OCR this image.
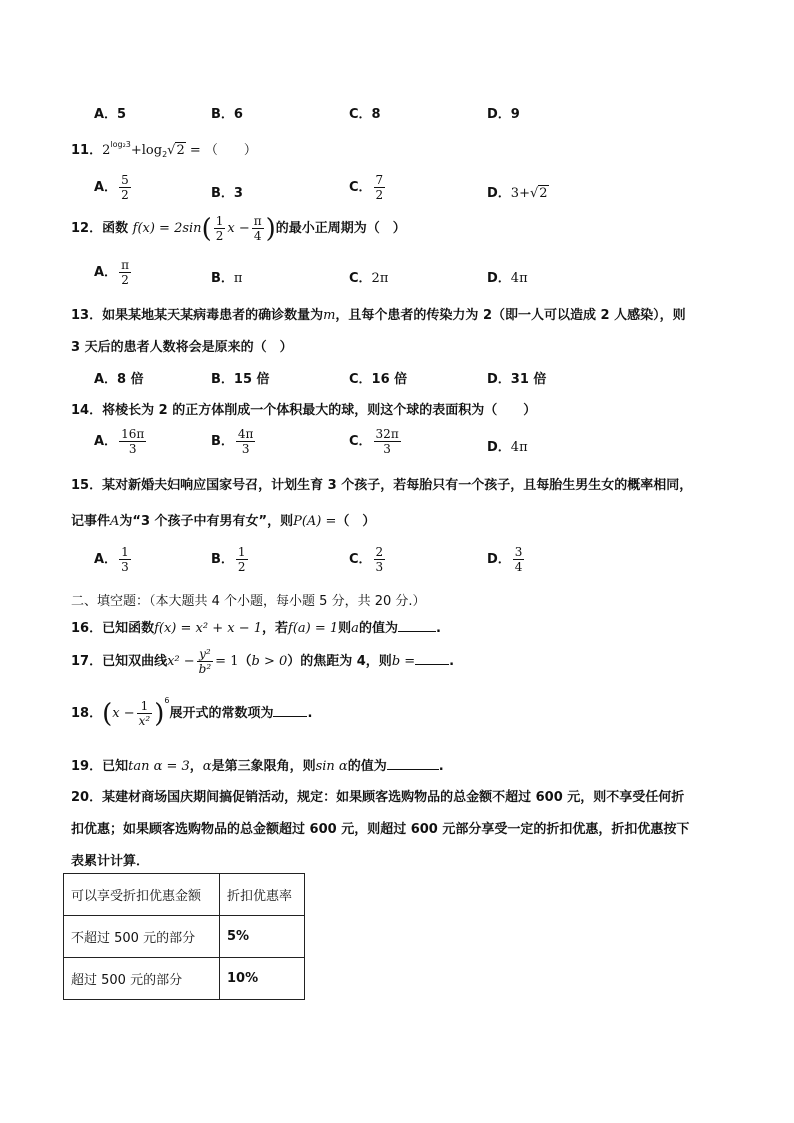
A．5	B．6	C．8	D．9
11．$2^{log_23}+\log_2√2$ = （　　）
A． $\frac{5}{2}$	B．3	C． $\frac{7}{2}$	D．3+√2
12．函数 $f(x) = 2\sin( \frac{1}{2}$ $x - \frac{\pi}{4}$ )的最小正周期为（　）
A． $\frac{\pi}{2}$	B．π	C．2π	D．4π
13．如果某地某天某病毒患者的确诊数量为m，且每个患者的传染力为 2（即一人可以造成 2 人感染），则
3 天后的患者人数将会是原来的（　）
A．8 倍	B．15 倍	C．16 倍	D．31 倍
14．将棱长为 2 的正方体削成一个体积最大的球，则这个球的表面积为（　　）
A． $\frac{16\pi}{3}$	B． $\frac{4\pi}{3}$	C． $\frac{32\pi}{3}$	D．4π
15．某对新婚夫妇响应国家号召，计划生育 3 个孩子，若每胎只有一个孩子，且每胎生男生女的概率相同，
记事件A为“3 个孩子中有男有女”，则P(A) =（　）
A． $\frac{1}{3}$	B． $\frac{1}{2}$	C． $\frac{2}{3}$	D． $\frac{3}{4}$
二、填空题：（本大题共 4 个小题，每小题 5 分，共 20 分.）
16．已知函数f(x) = x² + x − 1，若f(a) = 1则a的值为	.
17．已知双曲线$x^2 - \frac{\text{y²}}{\text{b²}} = 1(b > 0)$的焦距为 4，则b =	.
18．$(x - \frac{1}{\text{x²}} )^6$展开式的常数项为	.
19．已知tan α = 3，α是第三象限角，则sin α的值为	.
20．某建材商场国庆期间搞促销活动，规定：如果顾客选购物品的总金额不超过 600 元，则不享受任何折
扣优惠；如果顾客选购物品的总金额超过 600 元，则超过 600 元部分享受一定的折扣优惠，折扣优惠按下
表累计计算．
可以享受折扣优惠金额	折扣优惠率
不超过 500 元的部分	5%
超过 500 元的部分	10%
